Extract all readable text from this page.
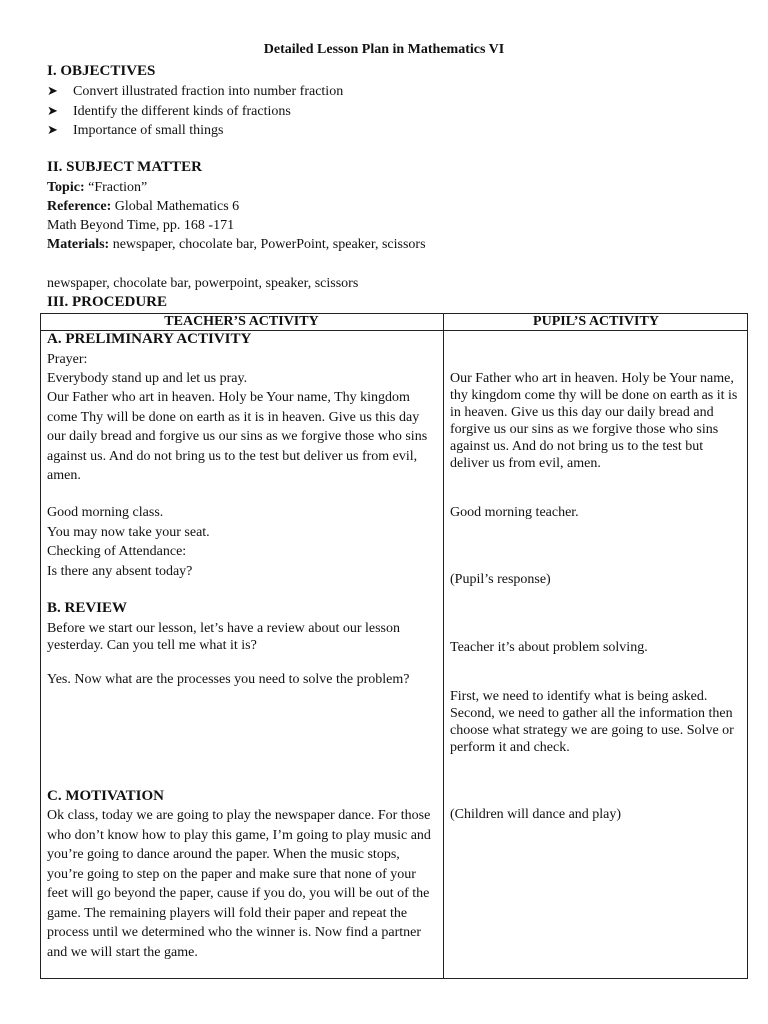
Detailed Lesson Plan in Mathematics VI
I. OBJECTIVES
➤ Convert illustrated fraction into number fraction
➤ Identify the different kinds of fractions
➤ Importance of small things
II. SUBJECT MATTER
Topic: “Fraction”
Reference: Global Mathematics 6
Math Beyond Time, pp. 168 -171
Materials: newspaper, chocolate bar, PowerPoint, speaker, scissors
newspaper, chocolate bar, powerpoint, speaker, scissors
III. PROCEDURE
TEACHER’S ACTIVITY	PUPIL’S ACTIVITY
A. PRELIMINARY ACTIVITY
Prayer:
Everybody stand up and let us pray.
Our Father who art in heaven. Holy be Your name, Thy kingdom come Thy will be done on earth as it is in heaven. Give us this day our daily bread and forgive us our sins as we forgive those who sins against us. And do not bring us to the test but deliver us from evil, amen.
Good morning class.
You may now take your seat.
Checking of Attendance:
Is there any absent today?
Our Father who art in heaven. Holy be Your name, thy kingdom come thy will be done on earth as it is in heaven. Give us this day our daily bread and forgive us our sins as we forgive those who sins against us. And do not bring us to the test but deliver us from evil, amen.
Good morning teacher.
(Pupil’s response)
B. REVIEW
Before we start our lesson, let’s have a review about our lesson yesterday. Can you tell me what it is?
Yes. Now what are the processes you need to solve the problem?
Teacher it’s about problem solving.
First, we need to identify what is being asked. Second, we need to gather all the information then choose what strategy we are going to use. Solve or perform it and check.
C. MOTIVATION
Ok class, today we are going to play the newspaper dance. For those who don’t know how to play this game, I’m going to play music and you’re going to dance around the paper. When the music stops, you’re going to step on the paper and make sure that none of your feet will go beyond the paper, cause if you do, you will be out of the game. The remaining players will fold their paper and repeat the process until we determined who the winner is. Now find a partner and we will start the game.
(Children will dance and play)
